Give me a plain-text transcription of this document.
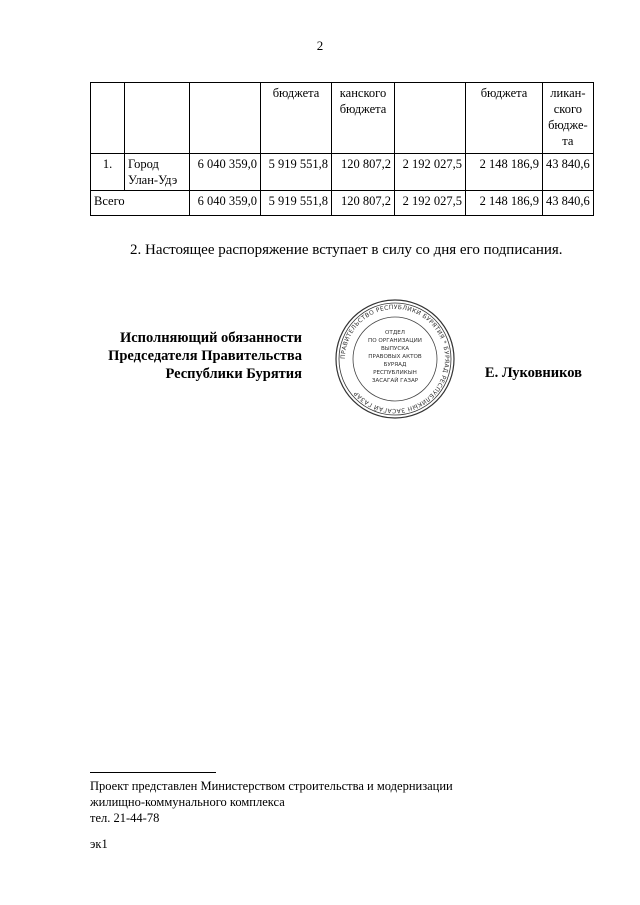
2
			бюджета	канского бюджета		бюджета	ликан-ского бюдже-та
1.	Город Улан-Удэ	6 040 359,0	5 919 551,8	120 807,2	2 192 027,5	2 148 186,9	43 840,6
Всего		6 040 359,0	5 919 551,8	120 807,2	2 192 027,5	2 148 186,9	43 840,6
2. Настоящее распоряжение вступает в силу со дня его подписания.
Исполняющий обязанности
Председателя Правительства
Республики Бурятия
ПРАВИТЕЛЬСТВО РЕСПУБЛИКИ БУРЯТИЯ * БУРЯАД РЕСПУБЛИКЫН ЗАСАГАЙ ГАЗАР
ОТДЕЛ
ПО ОРГАНИЗАЦИИ
ВЫПУСКА
ПРАВОВЫХ АКТОВ
БУРЯАД
РЕСПУБЛИКЫН
ЗАСАГАЙ ГАЗАР	Е. Луковников
Проект представлен Министерством строительства и модернизации
жилищно-коммунального комплекса
тел. 21-44-78
эк1
